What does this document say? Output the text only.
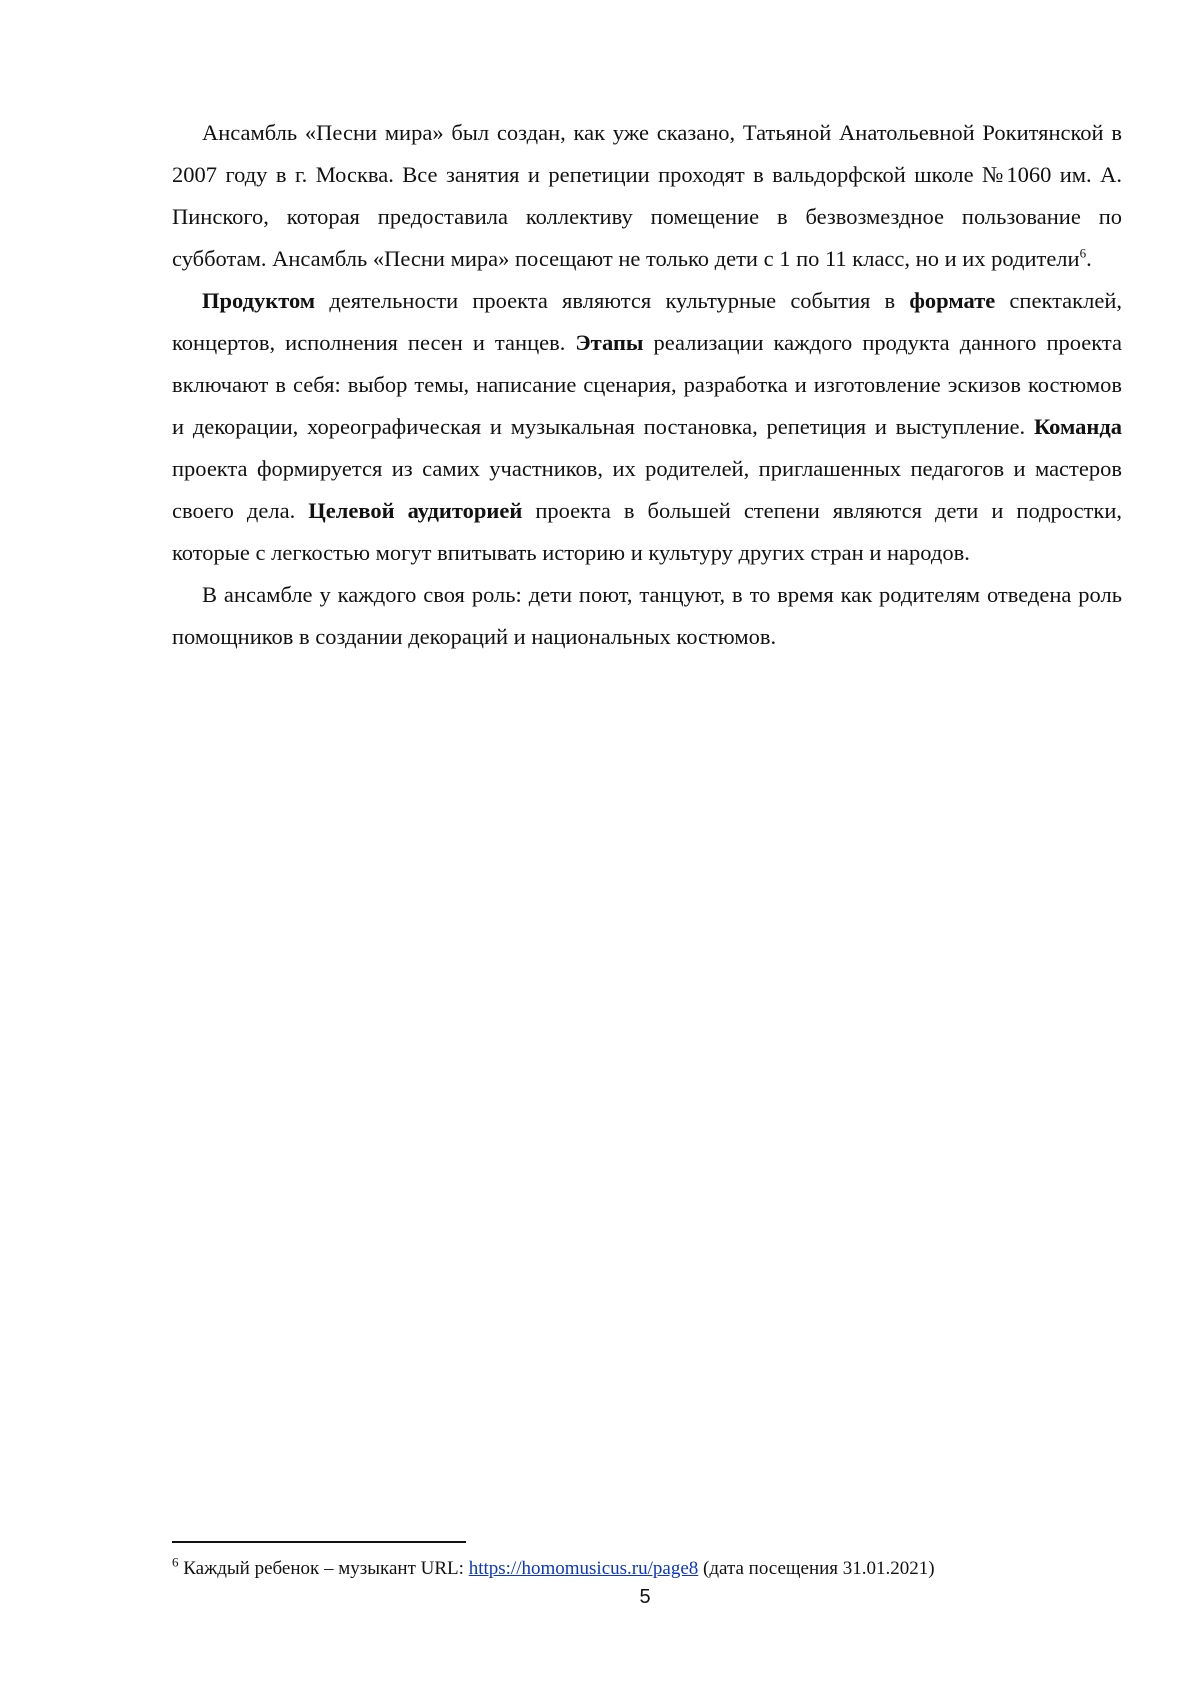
Ансамбль «Песни мира» был создан, как уже сказано, Татьяной Анатольевной Рокитянской в 2007 году в г. Москва. Все занятия и репетиции проходят в вальдорфской школе №1060 им. А. Пинского, которая предоставила коллективу помещение в безвозмездное пользование по субботам. Ансамбль «Песни мира» посещают не только дети с 1 по 11 класс, но и их родители$^6$.

Продуктом деятельности проекта являются культурные события в формате спектаклей, концертов, исполнения песен и танцев. Этапы реализации каждого продукта данного проекта включают в себя: выбор темы, написание сценария, разработка и изготовление эскизов костюмов и декорации, хореографическая и музыкальная постановка, репетиция и выступление. Команда проекта формируется из самих участников, их родителей, приглашенных педагогов и мастеров своего дела. Целевой аудиторией проекта в большей степени являются дети и подростки, которые с легкостью могут впитывать историю и культуру других стран и народов.

В ансамбле у каждого своя роль: дети поют, танцуют, в то время как родителям отведена роль помощников в создании декораций и национальных костюмов.

$^6$ Каждый ребенок – музыкант URL: https://homomusicus.ru/page8 (дата посещения 31.01.2021)
5
